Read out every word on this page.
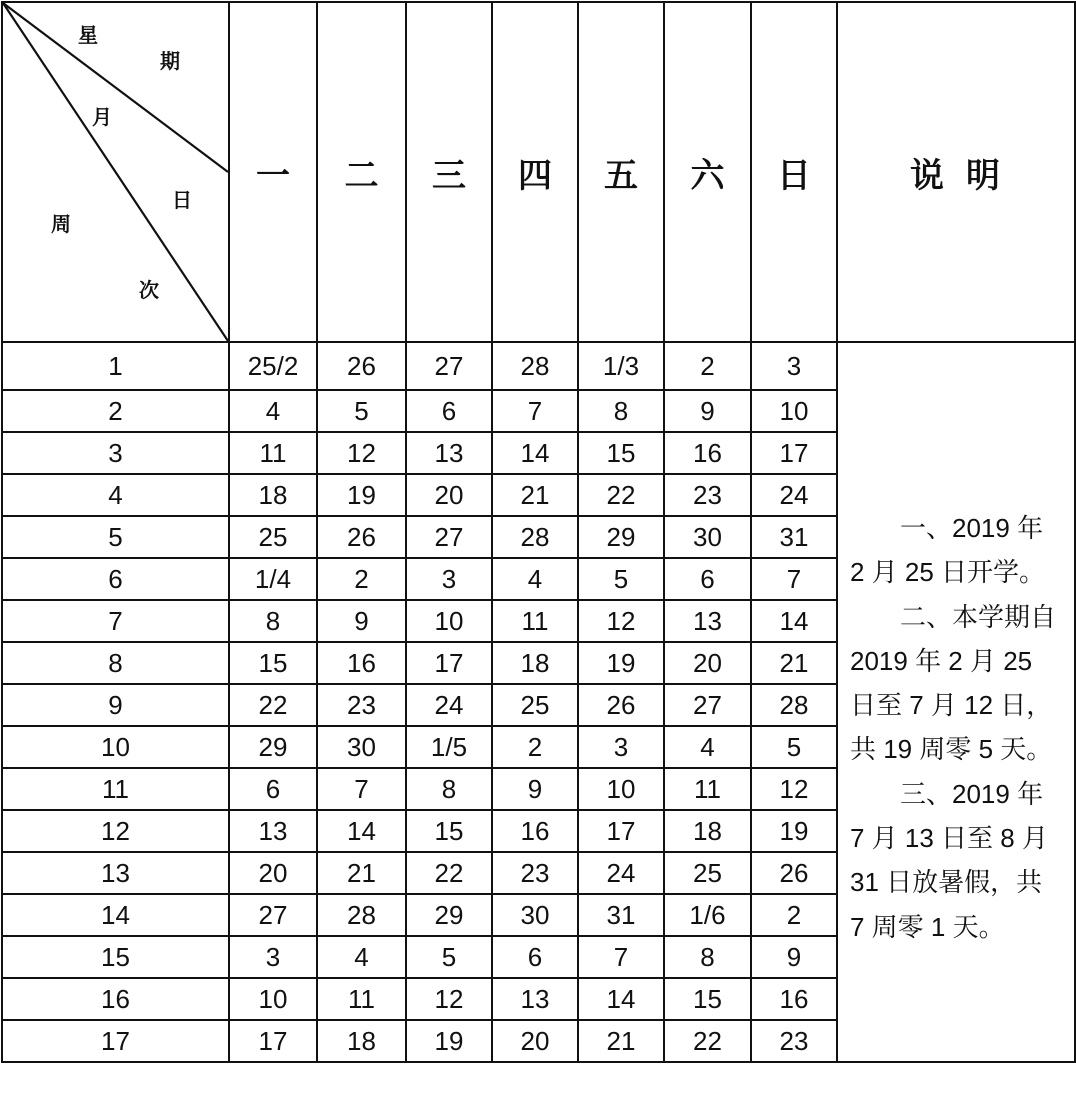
星
期
月
日
周
次
	一	二	三	四	五	六	日	说明
1	25/2	26	27	28	1/3	2	3	
一、2019 年
2 月 25 日开学。
二、本学期自
2019 年 2 月 25
日至 7 月 12 日，
共 19 周零 5 天。
三、2019 年
7 月 13 日至 8 月
31 日放暑假，共
7 周零 1 天。

2	4	5	6	7	8	9	10	
3	11	12	13	14	15	16	17	
4	18	19	20	21	22	23	24	
5	25	26	27	28	29	30	31	
6	1/4	2	3	4	5	6	7	
7	8	9	10	11	12	13	14	
8	15	16	17	18	19	20	21	
9	22	23	24	25	26	27	28	
10	29	30	1/5	2	3	4	5	
11	6	7	8	9	10	11	12	
12	13	14	15	16	17	18	19	
13	20	21	22	23	24	25	26	
14	27	28	29	30	31	1/6	2	
15	3	4	5	6	7	8	9	
16	10	11	12	13	14	15	16	
17	17	18	19	20	21	22	23	
